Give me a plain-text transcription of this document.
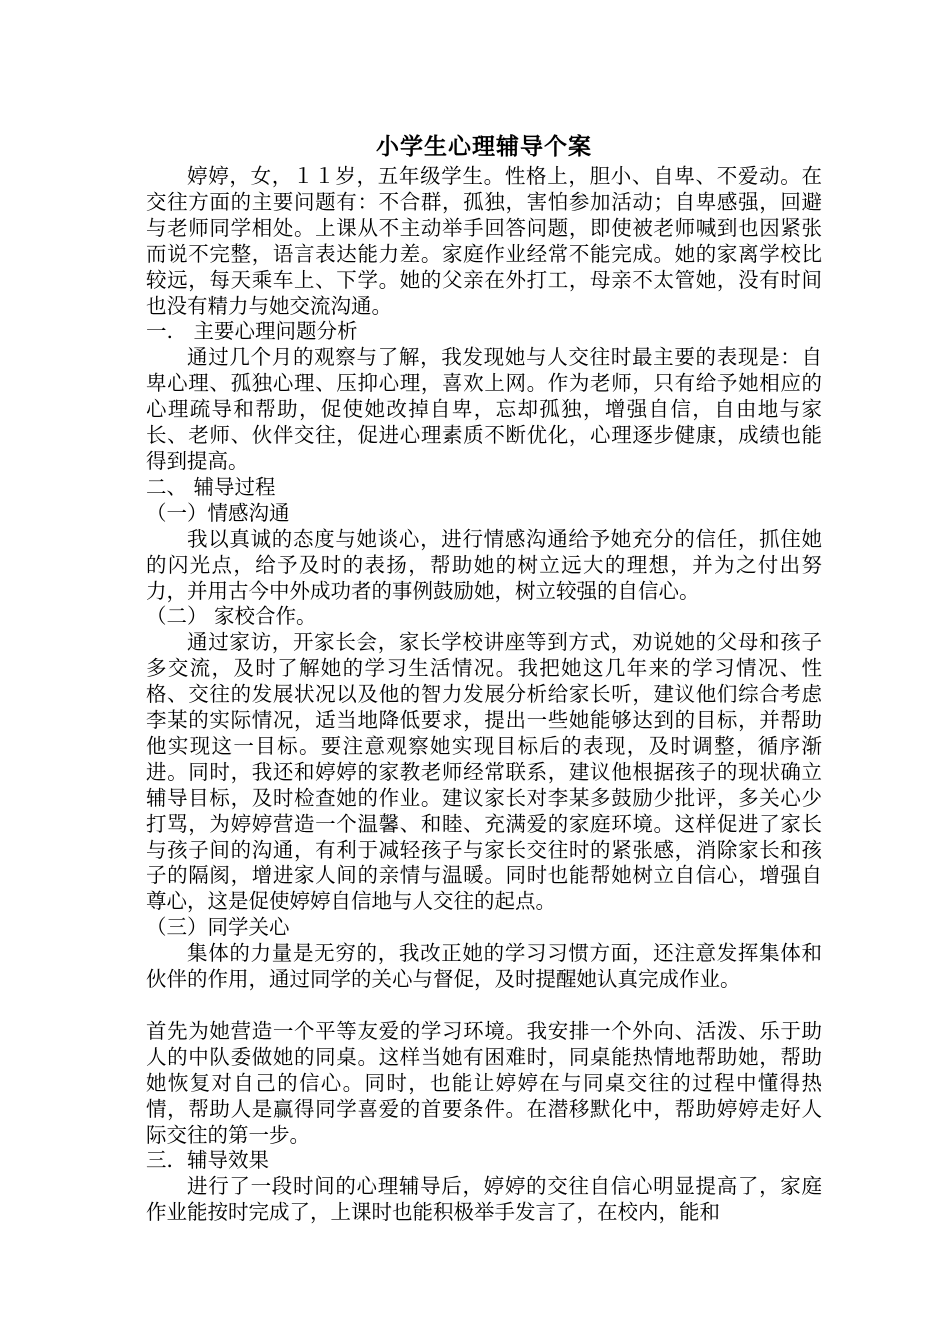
小学生心理辅导个案

婷婷，女，１１岁，五年级学生。性格上，胆小、自卑、不爱动。在交往方面的主要问题有：不合群，孤独，害怕参加活动；自卑感强，回避与老师同学相处。上课从不主动举手回答问题，即使被老师喊到也因紧张而说不完整，语言表达能力差。家庭作业经常不能完成。她的家离学校比较远，每天乘车上、下学。她的父亲在外打工，母亲不太管她，没有时间也没有精力与她交流沟通。

一.　主要心理问题分析

通过几个月的观察与了解，我发现她与人交往时最主要的表现是：自卑心理、孤独心理、压抑心理，喜欢上网。作为老师，只有给予她相应的心理疏导和帮助，促使她改掉自卑，忘却孤独，增强自信，自由地与家长、老师、伙伴交往，促进心理素质不断优化，心理逐步健康，成绩也能得到提高。

二、 辅导过程

（一）情感沟通

我以真诚的态度与她谈心，进行情感沟通给予她充分的信任，抓住她的闪光点，给予及时的表扬，帮助她的树立远大的理想，并为之付出努力，并用古今中外成功者的事例鼓励她，树立较强的自信心。

（二） 家校合作。

通过家访，开家长会，家长学校讲座等到方式，劝说她的父母和孩子多交流，及时了解她的学习生活情况。我把她这几年来的学习情况、性格、交往的发展状况以及他的智力发展分析给家长听，建议他们综合考虑李某的实际情况，适当地降低要求，提出一些她能够达到的目标，并帮助他实现这一目标。要注意观察她实现目标后的表现，及时调整，循序渐进。同时，我还和婷婷的家教老师经常联系，建议他根据孩子的现状确立辅导目标，及时检查她的作业。建议家长对李某多鼓励少批评，多关心少打骂，为婷婷营造一个温馨、和睦、充满爱的家庭环境。这样促进了家长与孩子间的沟通，有利于减轻孩子与家长交往时的紧张感，消除家长和孩子的隔阂，增进家人间的亲情与温暖。同时也能帮她树立自信心，增强自尊心，这是促使婷婷自信地与人交往的起点。

（三）同学关心

集体的力量是无穷的，我改正她的学习习惯方面，还注意发挥集体和伙伴的作用，通过同学的关心与督促，及时提醒她认真完成作业。

首先为她营造一个平等友爱的学习环境。我安排一个外向、活泼、乐于助人的中队委做她的同桌。这样当她有困难时，同桌能热情地帮助她，帮助她恢复对自己的信心。同时，也能让婷婷在与同桌交往的过程中懂得热情，帮助人是赢得同学喜爱的首要条件。在潜移默化中，帮助婷婷走好人际交往的第一步。

三．辅导效果

进行了一段时间的心理辅导后，婷婷的交往自信心明显提高了，家庭作业能按时完成了，上课时也能积极举手发言了，在校内，能和
